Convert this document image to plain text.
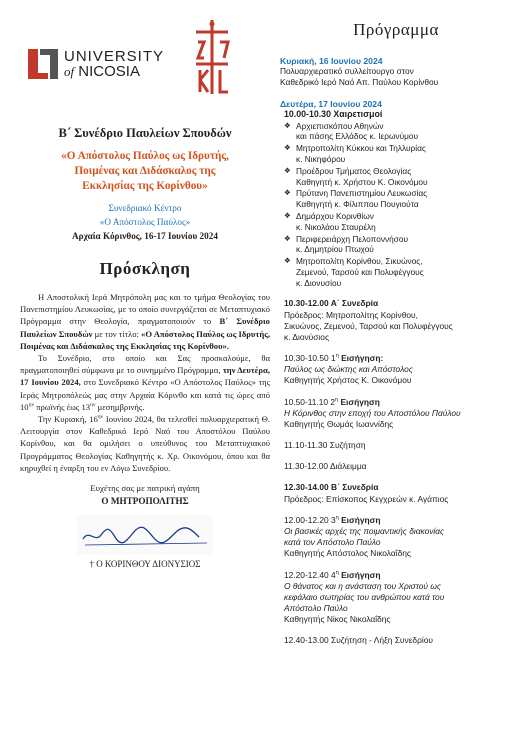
UNIVERSITY
of NICOSIA
Β΄ Συνέδριο Παυλείων Σπουδών
«Ο Απόστολος Παύλος ως Ιδρυτής,
Ποιμένας και Διδάσκαλος της
Εκκλησίας της Κορίνθου»
Συνεδριακό Κέντρο
«Ο Απόστολος Παύλος»
Αρχαία Κόρινθος, 16-17 Ιουνίου 2024
Πρόσκληση

Η Αποστολική Ιερά Μητρόπολη μας και το τμήμα Θεολογίας του Πανεπιστημίου Λευκωσίας, με το οποίο συνεργάζεται σε Μεταπτυχιακό Πρόγραμμα στην Θεολογία, πραγματοποιούν το Β΄ Συνέδριο Παυλείων Σπουδών με τον τίτλο: «Ο Απόστολος Παύλος ως Ιδρυτής, Ποιμένας και Διδάσκαλος της Εκκλησίας της Κορίνθου».

Το Συνέδριο, στο οποίο και Σας προσκαλούμε, θα πραγματοποιηθεί σύμφωνα με το συνημμένο Πρόγραμμα, την Δευτέρα, 17 Ιουνίου 2024, στο Συνεδριακό Κέντρο «Ο Απόστολος Παύλος» της Ιεράς Μητροπόλεώς μας στην Αρχαία Κόρινθο και κατά τις ώρες από $10^{\eta\nu}$ πρωϊνής έως $13^{\eta\nu}$ μεσημβρινής.

Την Κυριακή, $16^{\eta\nu}$ Ιουνίου 2024, θα τελεσθεί πολυαρχιερατική Θ. Λειτουργία στον Καθεδρικό Ιερό Ναό του Αποστόλου Παύλου Κορίνθου, και θα ομιλήσει ο υπεύθυνος του Μεταπτυχιακού Προγράμματος Θεολογίας Καθηγητής κ. Χρ. Οικονόμου, όπου και θα κηρυχθεί η έναρξη του εν Λόγω Συνεδρίου.

Ευχέτης σας με πατρική αγάπη
Ο ΜΗΤΡΟΠΟΛΙΤΗΣ
† Ο ΚΟΡΙΝΘΟΥ ΔΙΟΝΥΣΙΟΣ
Πρόγραμμα
Κυριακή, 16 Ιουνίου 2024
Πολυαρχιερατικό συλλείτουργο στον
Καθεδρικό Ιερό Ναό Απ. Παύλου Κορίνθου
Δευτέρα, 17 Ιουνίου 2024
10.00-10.30 Χαιρετισμοί
❖ Αρχιεπισκόπου Αθηνών
και πάσης Ελλάδος κ. Ιερωνύμου
❖ Μητροπολίτη Κύκκου και Τηλλυρίας
κ. Νικηφόρου
❖ Προέδρου Τμήματος Θεολογίας
Καθηγητή κ. Χρήστου Κ. Οικονόμου
❖ Πρύτανη Πανεπιστημίου Λευκωσίας
Καθηγητή κ. Φίλιππου Πουγιούτα
❖ Δημάρχου Κορινθίων
κ. Νικολάου Σταυρέλη
❖ Περιφερειάρχη Πελοποννήσου
κ. Δημητρίου Πτωχού
❖ Μητροπολίτη Κορίνθου, Σικυώνος,
Ζεμενού, Ταρσού και Πολυφέγγους
κ. Διονυσίου
10.30-12.00 Α΄ Συνεδρία
Πρόεδρος: Μητροπολίτης Κορίνθου,
Σικυώνος, Ζεμενού, Ταρσού και Πολυφέγγους
κ. Διονύσιος
10.30-10.50 $1^\eta$ Εισήγηση:
Παύλος ως διώκτης και Απόστολος
Καθηγητής Χρήστος Κ. Οικονόμου
10.50-11.10 $2^\eta$ Εισήγηση
Η Κόρινθος στην εποχή του Αποστόλου Παύλου
Καθηγητής Θωμάς Ιωαννίδης
11.10-11.30 Συζήτηση
11.30-12.00 Διάλειμμα
12.30-14.00 Β΄ Συνεδρία
Πρόεδρος: Επίσκοπος Κεγχρεών κ. Αγάπιος
12.00-12.20 $3^\eta$ Εισήγηση
Οι βασικές αρχές της ποιμαντικής διακονίας
κατά τον Απόστολο Παύλο
Καθηγητής Απόστολος Νικολαΐδης
12.20-12.40 $4^\eta$ Εισήγηση
Ο θάνατος και η ανάσταση του Χριστού ως
κεφάλαιο σωτηρίας του ανθρώπου κατά του
Απόστολο Παύλο
Καθηγητής Νίκος Νικολαΐδης
12.40-13.00 Συζήτηση - Λήξη Συνεδρίου
